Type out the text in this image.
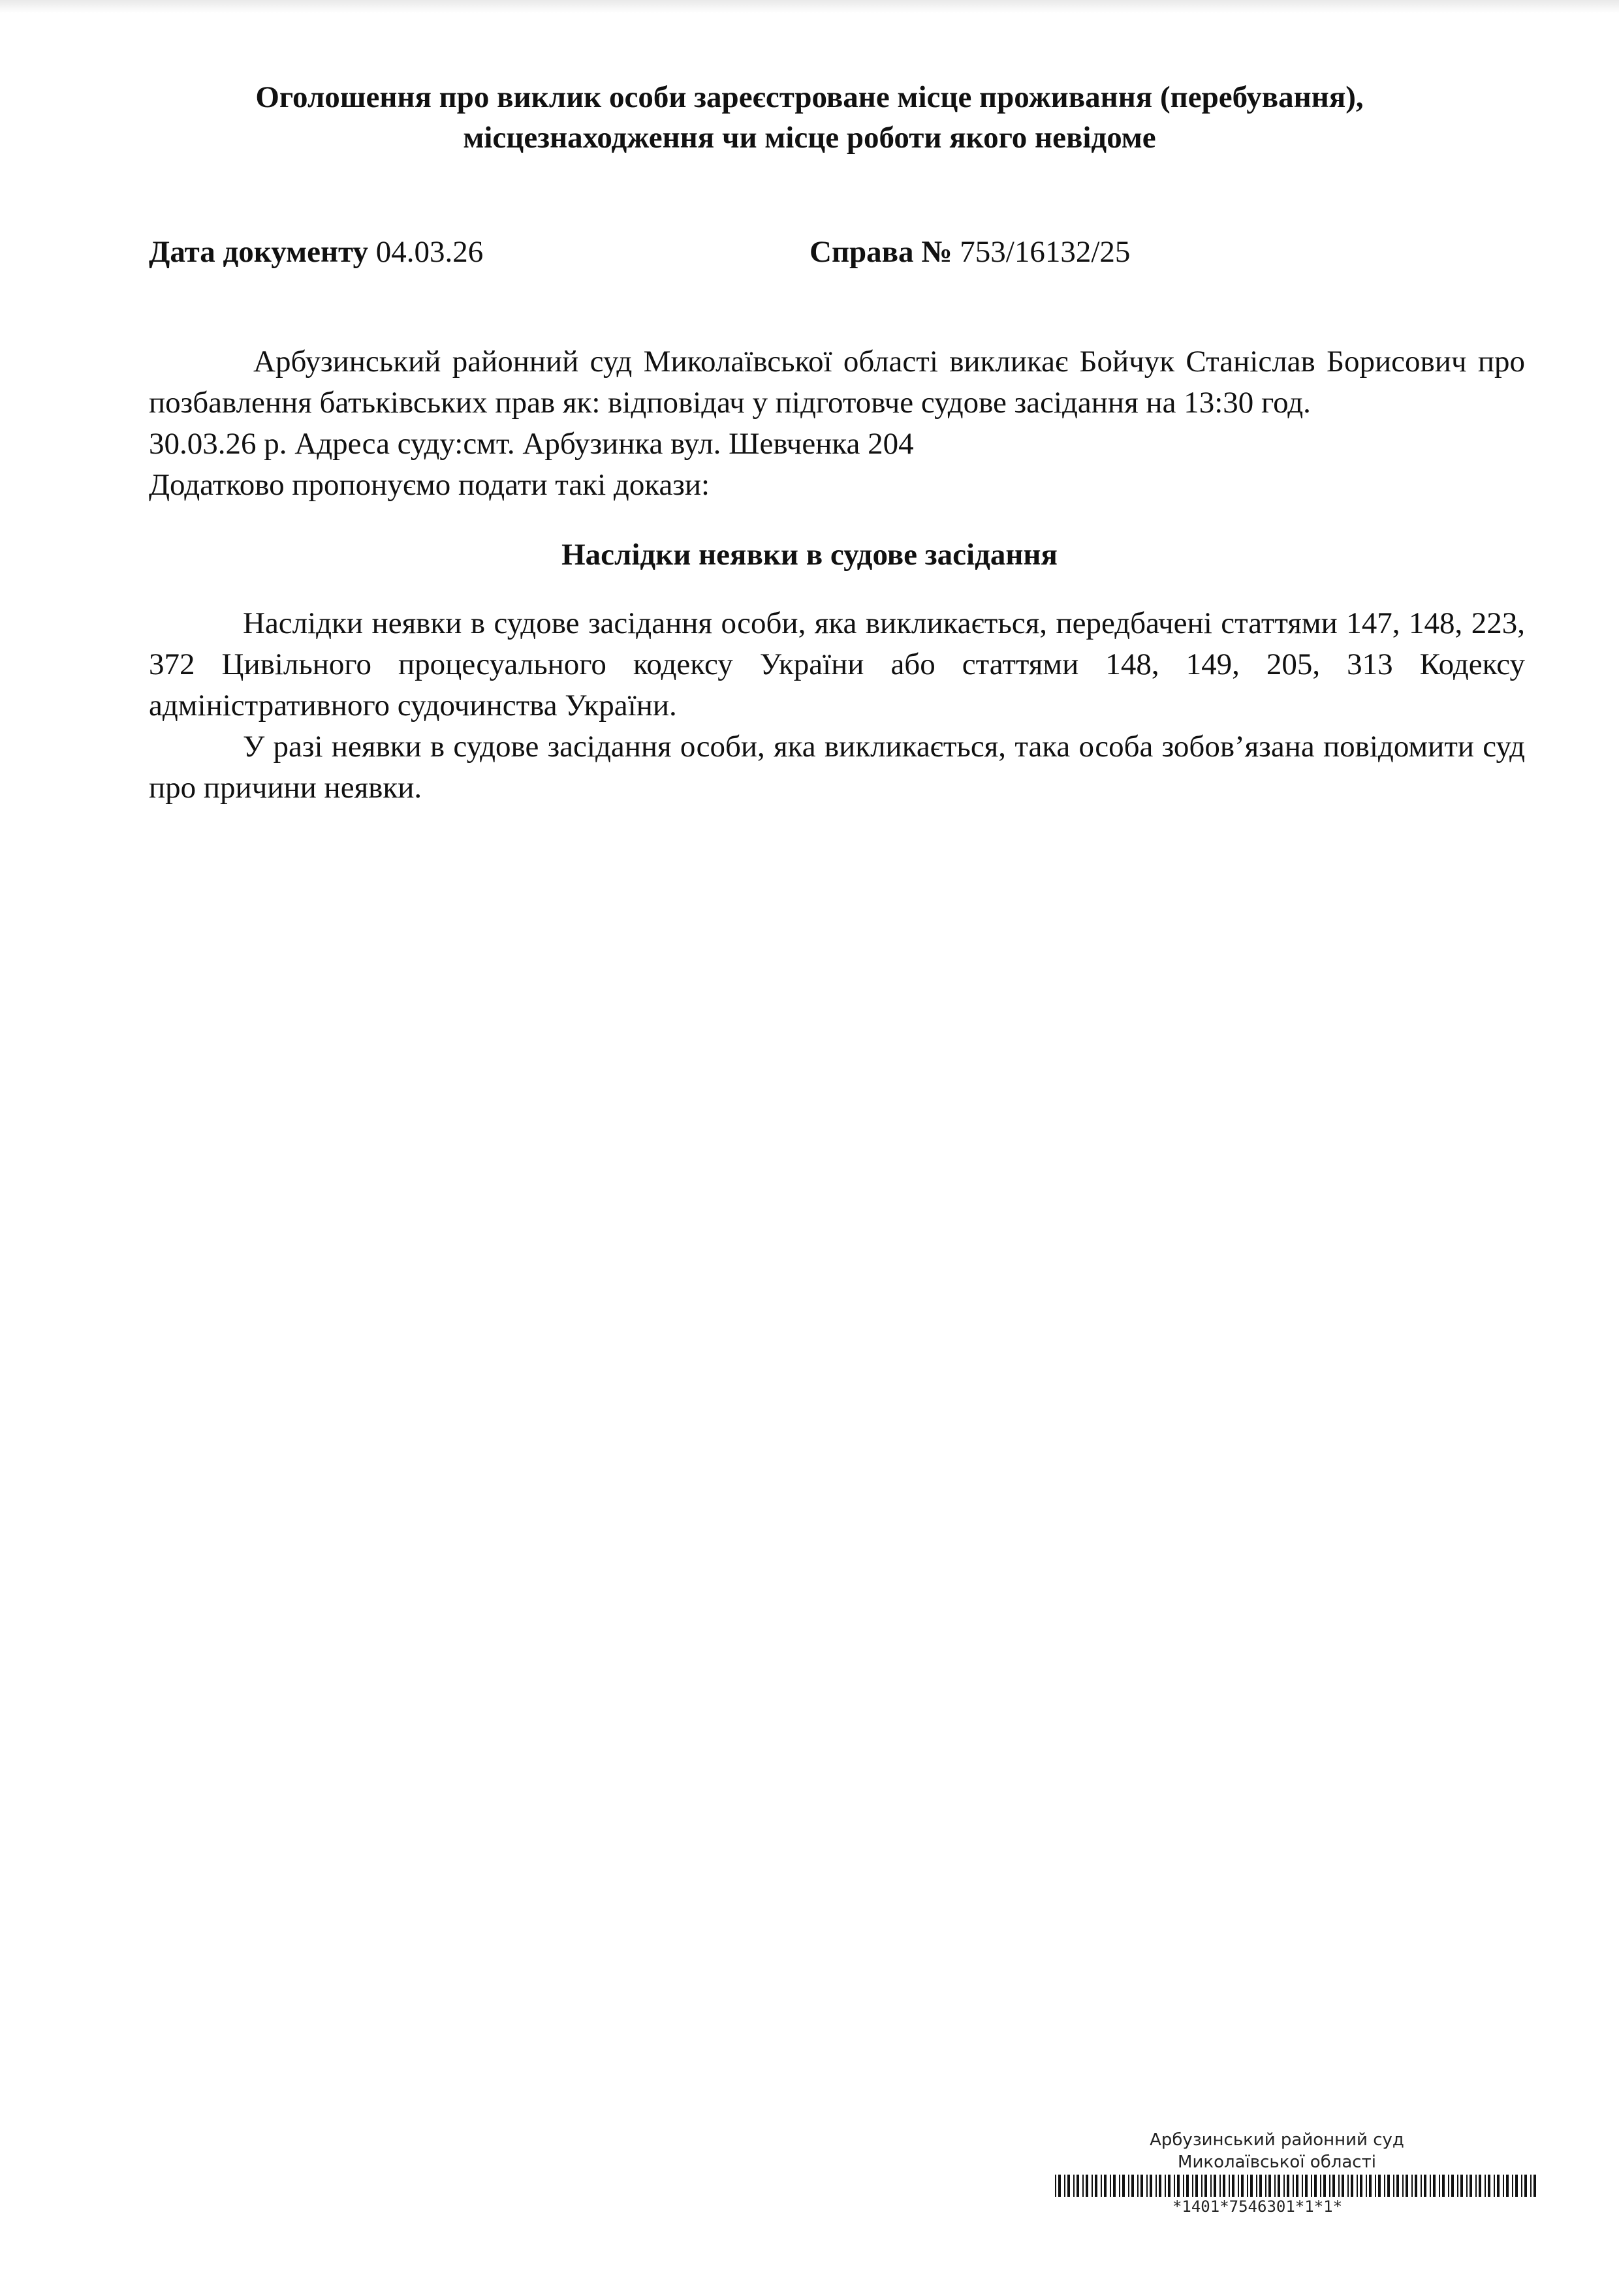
Оголошення про виклик особи зареєстроване місце проживання (перебування),
місцезнаходження чи місце роботи якого невідоме
Дата документу 04.03.26	Справа № 753/16132/25
Арбузинський районний суд Миколаївської області викликає Бойчук Станіслав Борисович про позбавлення батьківських прав як: відповідач у підготовче судове засідання на 13:30 год.
30.03.26 р. Адреса суду:смт. Арбузинка вул. Шевченка 204
Додатково пропонуємо подати такі докази:
Наслідки неявки в судове засідання
Наслідки неявки в судове засідання особи, яка викликається, передбачені статтями 147, 148, 223, 372 Цивільного процесуального кодексу України або статтями 148, 149, 205, 313 Кодексу адміністративного судочинства України.
У разі неявки в судове засідання особи, яка викликається, така особа зобов’язана повідомити суд про причини неявки.
Арбузинський районний суд
Миколаївської області
*1401*7546301*1*1*
